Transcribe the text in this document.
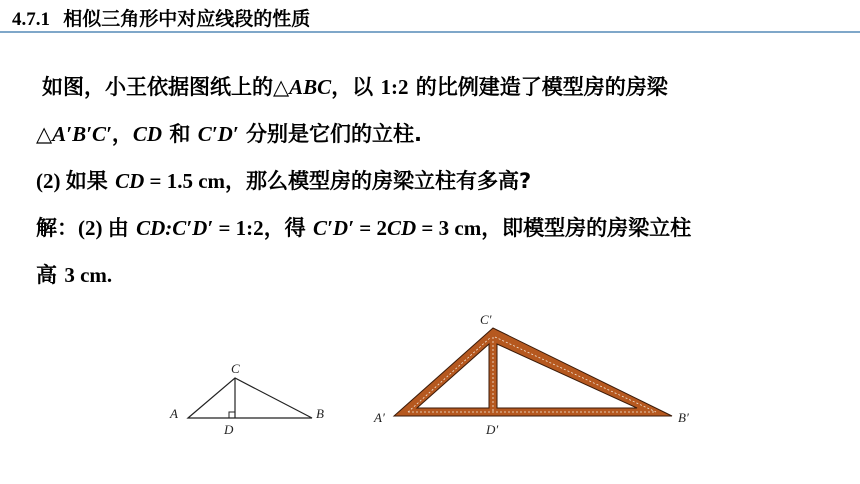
4.7.1 相似三角形中对应线段的性质
如图，小王依据图纸上的△ABC，以 1:2 的比例建造了模型房的房梁
△A′B′C′，CD 和 C′D′ 分别是它们的立柱.
(2) 如果 CD = 1.5 cm，那么模型房的房梁立柱有多高?
解：(2) 由 CD:C′D′ = 1:2，得 C′D′ = 2CD = 3 cm，即模型房的房梁立柱
高 3 cm.
A	B
C
D
A′	B′
C′
D′
